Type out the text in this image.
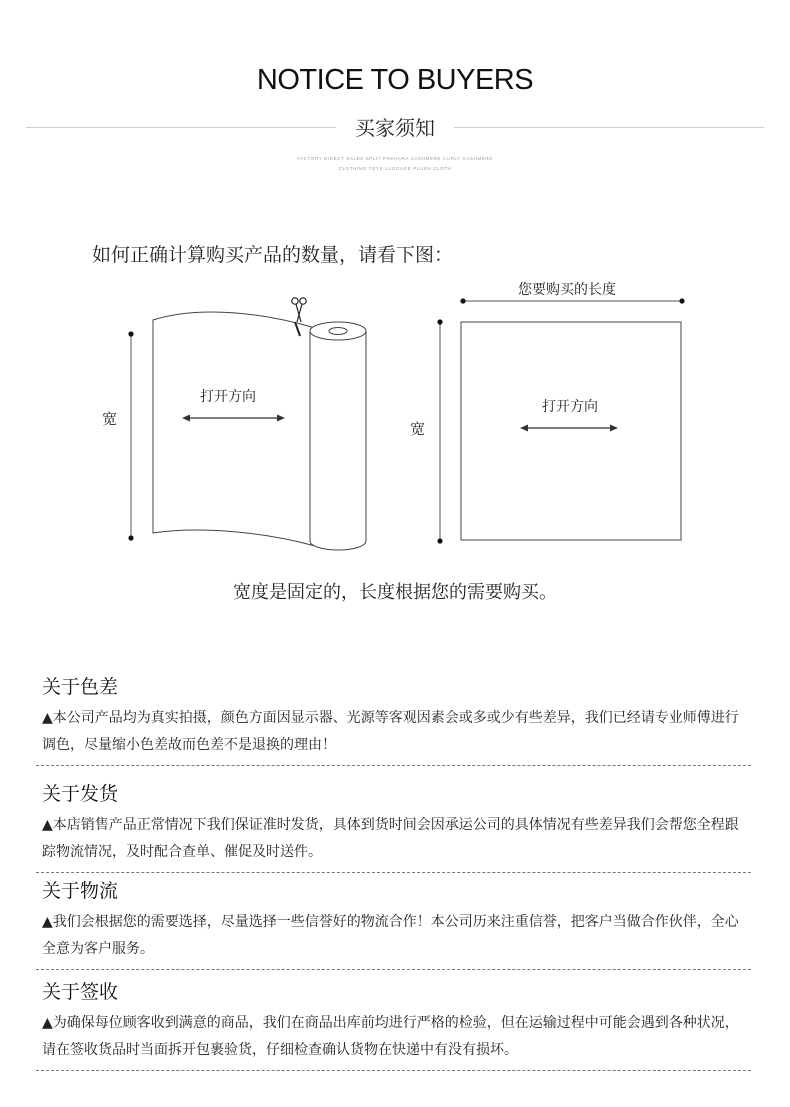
NOTICE TO BUYERS
买家须知
FACTORY DIRECT SALES SPLIT POKHARA CASHMERE CURLY CASHMERE
CLOTHING TOYS LUGGAGE PLUSH CLOTH
如何正确计算购买产品的数量，请看下图：
宽
打开方向
您要购买的长度
宽
打开方向
宽度是固定的，长度根据您的需要购买。
关于色差
▲本公司产品均为真实拍摄，颜色方面因显示器、光源等客观因素会或多或少有些差异，我们已经请专业师傅进行调色，尽量缩小色差故而色差不是退换的理由！
关于发货
▲本店销售产品正常情况下我们保证准时发货，具体到货时间会因承运公司的具体情况有些差异我们会帮您全程跟踪物流情况，及时配合查单、催促及时送件。
关于物流
▲我们会根据您的需要选择，尽量选择一些信誉好的物流合作！本公司历来注重信誉，把客户当做合作伙伴，全心全意为客户服务。
关于签收
▲为确保每位顾客收到满意的商品，我们在商品出库前均进行严格的检验，但在运输过程中可能会遇到各种状况，请在签收货品时当面拆开包裹验货，仔细检查确认货物在快递中有没有损坏。
